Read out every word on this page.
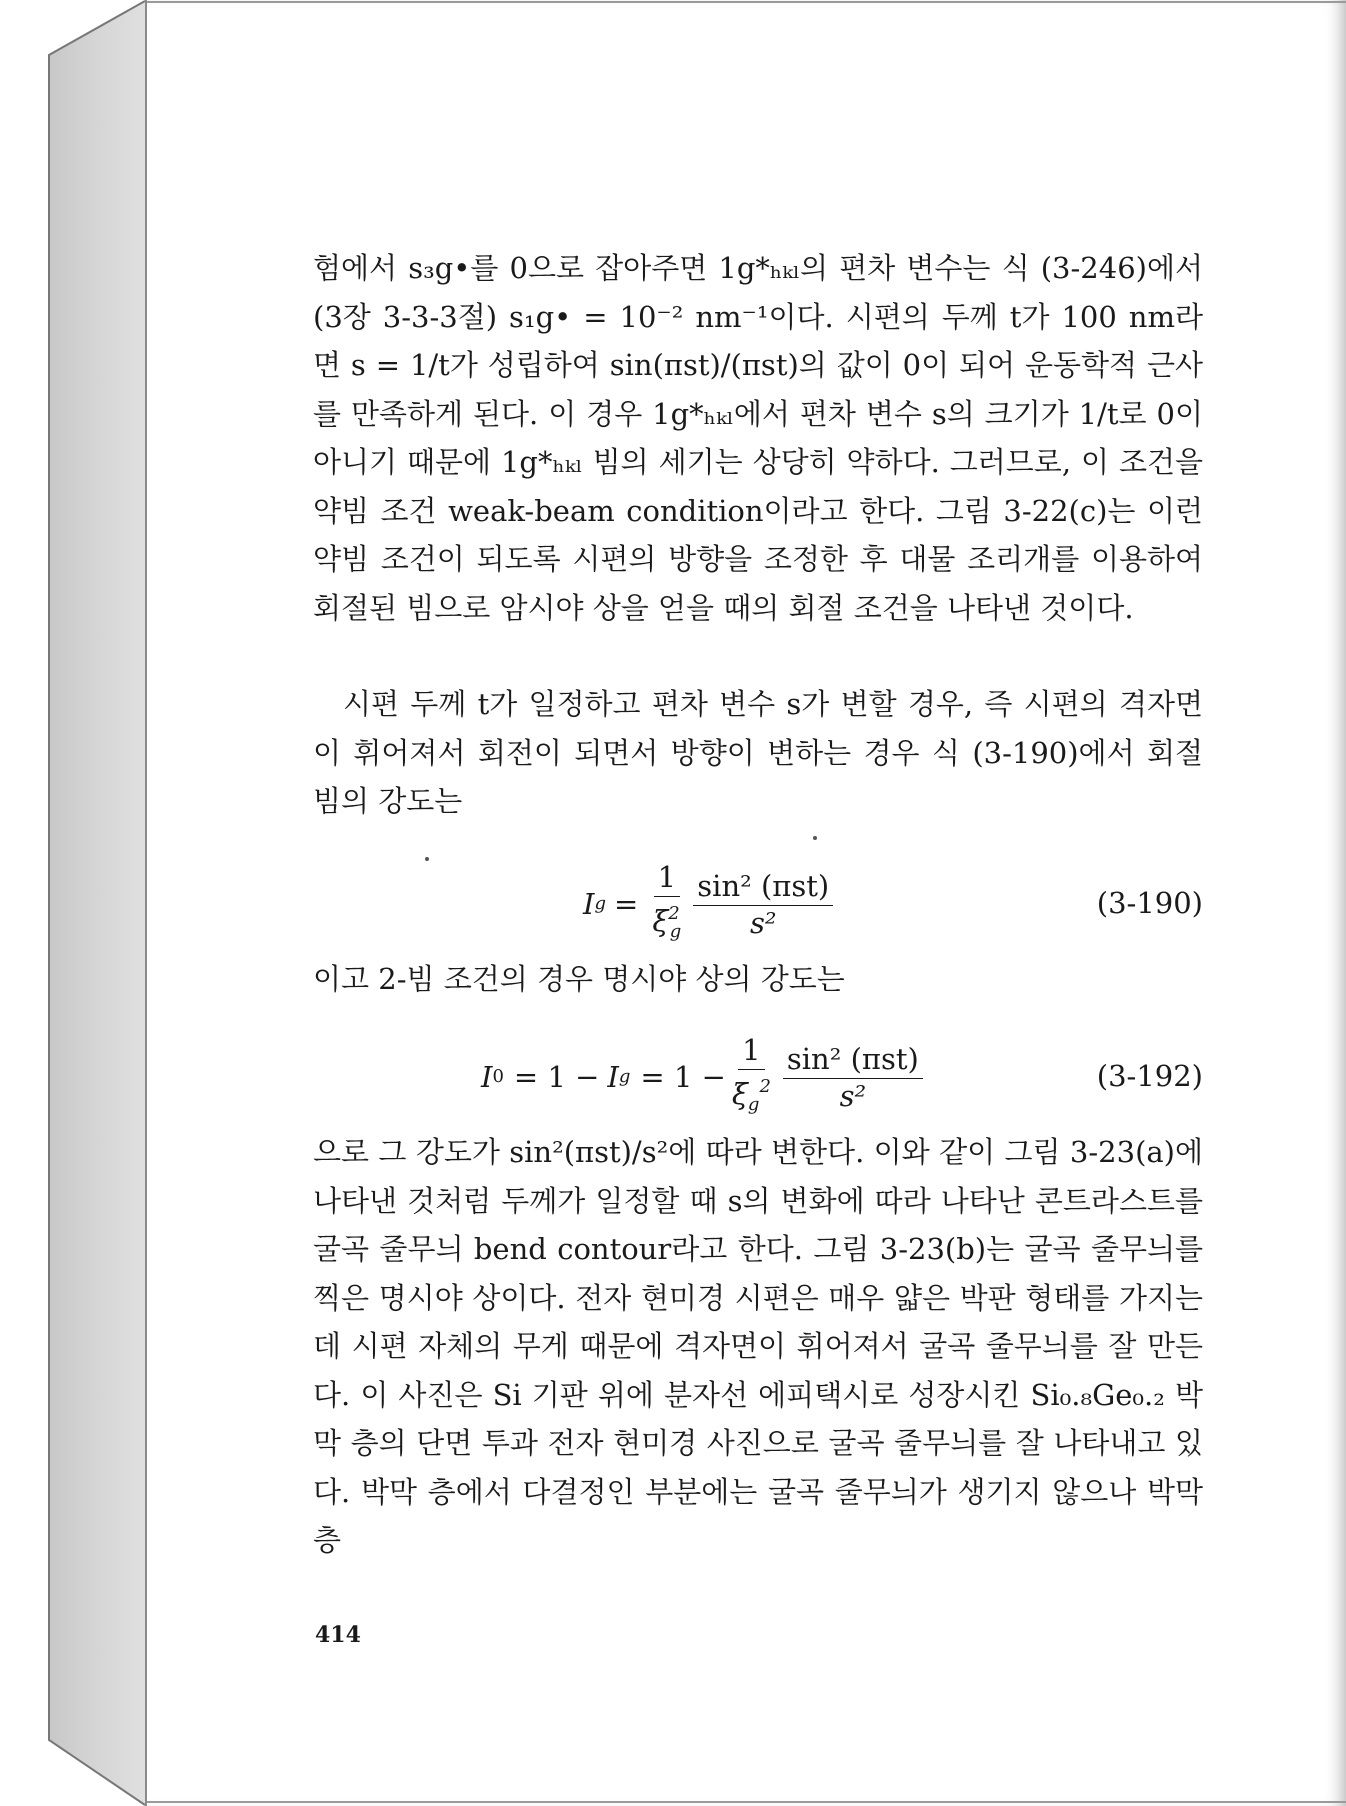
험에서 s₃g•를 0으로 잡아주면 1g*ₕₖₗ의 편차 변수는 식 (3-246)에서(3장 3-3-3절) s₁g• = 10⁻² nm⁻¹이다. 시편의 두께 t가 100 nm라면 s = 1/t가 성립하여 sin(πst)/(πst)의 값이 0이 되어 운동학적 근사를 만족하게 된다. 이 경우 1g*ₕₖₗ에서 편차 변수 s의 크기가 1/t로 0이 아니기 때문에 1g*ₕₖₗ 빔의 세기는 상당히 약하다. 그러므로, 이 조건을 약빔 조건 weak-beam condition이라고 한다. 그림 3-22(c)는 이런 약빔 조건이 되도록 시편의 방향을 조정한 후 대물 조리개를 이용하여 회절된 빔으로 암시야 상을 얻을 때의 회절 조건을 나타낸 것이다.
시편 두께 t가 일정하고 편차 변수 s가 변할 경우, 즉 시편의 격자면이 휘어져서 회전이 되면서 방향이 변하는 경우 식 (3-190)에서 회절 빔의 강도는
I $g = \frac{1}{\xi^2_g} \frac{\text{sin² (πst)}}{\text{s²}}$	(3-190)
이고 2-빔 조건의 경우 명시야 상의 강도는
I 0 = 1 − I $g = 1 - \frac{1}{\xi_g^2} \frac{\text{sin² (πst)}}{\text{s²}}$	(3-192)
으로 그 강도가 sin²(πst)/s²에 따라 변한다. 이와 같이 그림 3-23(a)에 나타낸 것처럼 두께가 일정할 때 s의 변화에 따라 나타난 콘트라스트를 굴곡 줄무늬 bend contour라고 한다. 그림 3-23(b)는 굴곡 줄무늬를 찍은 명시야 상이다. 전자 현미경 시편은 매우 얇은 박판 형태를 가지는데 시편 자체의 무게 때문에 격자면이 휘어져서 굴곡 줄무늬를 잘 만든다. 이 사진은 Si 기판 위에 분자선 에피택시로 성장시킨 Si₀.₈Ge₀.₂ 박막 층의 단면 투과 전자 현미경 사진으로 굴곡 줄무늬를 잘 나타내고 있다. 박막 층에서 다결정인 부분에는 굴곡 줄무늬가 생기지 않으나 박막 층
414
